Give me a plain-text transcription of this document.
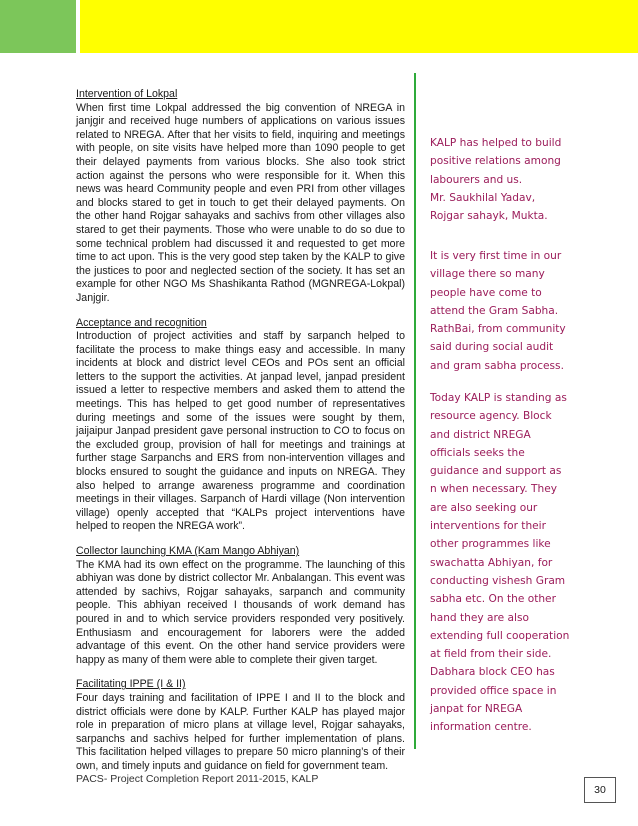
Intervention of Lokpal

When first time Lokpal addressed the big convention of NREGA in janjgir and received huge numbers of applications on various issues related to NREGA. After that her visits to field, inquiring and meetings with people, on site visits have helped more than 1090 people to get their delayed payments from various blocks. She also took strict action against the persons who were responsible for it. When this news was heard Community people and even PRI from other villages and blocks stared to get in touch to get their delayed payments. On the other hand Rojgar sahayaks and sachivs from other villages also stared to get their payments. Those who were unable to do so due to some technical problem had discussed it and requested to get more time to act upon. This is the very good step taken by the KALP to give the justices to poor and neglected section of the society. It has set an example for other NGO Ms Shashikanta Rathod (MGNREGA-Lokpal) Janjgir.

Acceptance and recognition

Introduction of project activities and staff by sarpanch helped to facilitate the process to make things easy and accessible. In many incidents at block and district level CEOs and POs sent an official letters to the support the activities. At janpad level, janpad president issued a letter to respective members and asked them to attend the meetings. This has helped to get good number of representatives during meetings and some of the issues were sought by them, jaijaipur Janpad president gave personal instruction to CO to focus on the excluded group, provision of hall for meetings and trainings at further stage Sarpanchs and ERS from non-intervention villages and blocks ensured to sought the guidance and inputs on NREGA. They also helped to arrange awareness programme and coordination meetings in their villages. Sarpanch of Hardi village (Non intervention village) openly accepted that “KALPs project interventions have helped to reopen the NREGA work”.

Collector launching KMA (Kam Mango Abhiyan)

The KMA had its own effect on the programme. The launching of this abhiyan was done by district collector Mr. Anbalangan. This event was attended by sachivs, Rojgar sahayaks, sarpanch and community people. This abhiyan received I thousands of work demand has poured in and to which service providers responded very positively. Enthusiasm and encouragement for laborers were the added advantage of this event. On the other hand service providers were happy as many of them were able to complete their given target.

Facilitating IPPE (I & II)

Four days training and facilitation of IPPE I and II to the block and district officials were done by KALP. Further KALP has played major role in preparation of micro plans at village level, Rojgar sahayaks, sarpanchs and sachivs helped for further implementation of plans. This facilitation helped villages to prepare 50 micro planning’s of their own, and timely inputs and guidance on field for government team.

KALP has helped to build

positive relations among

labourers and us.

Mr. Saukhilal Yadav,

Rojgar sahayk, Mukta.

It is very first time in our

village there so many

people have come to

attend the Gram Sabha.

RathBai, from community

said during social audit

and gram sabha process.

Today KALP is standing as

resource agency. Block

and district NREGA

officials seeks the

guidance and support as

n when necessary. They

are also seeking our

interventions for their

other programmes like

swachatta Abhiyan, for

conducting vishesh Gram

sabha etc. On the other

hand they are also

extending full cooperation

at field from their side.

Dabhara block CEO has

provided office space in

janpat for NREGA

information centre.

PACS- Project Completion Report 2011-2015, KALP
30
